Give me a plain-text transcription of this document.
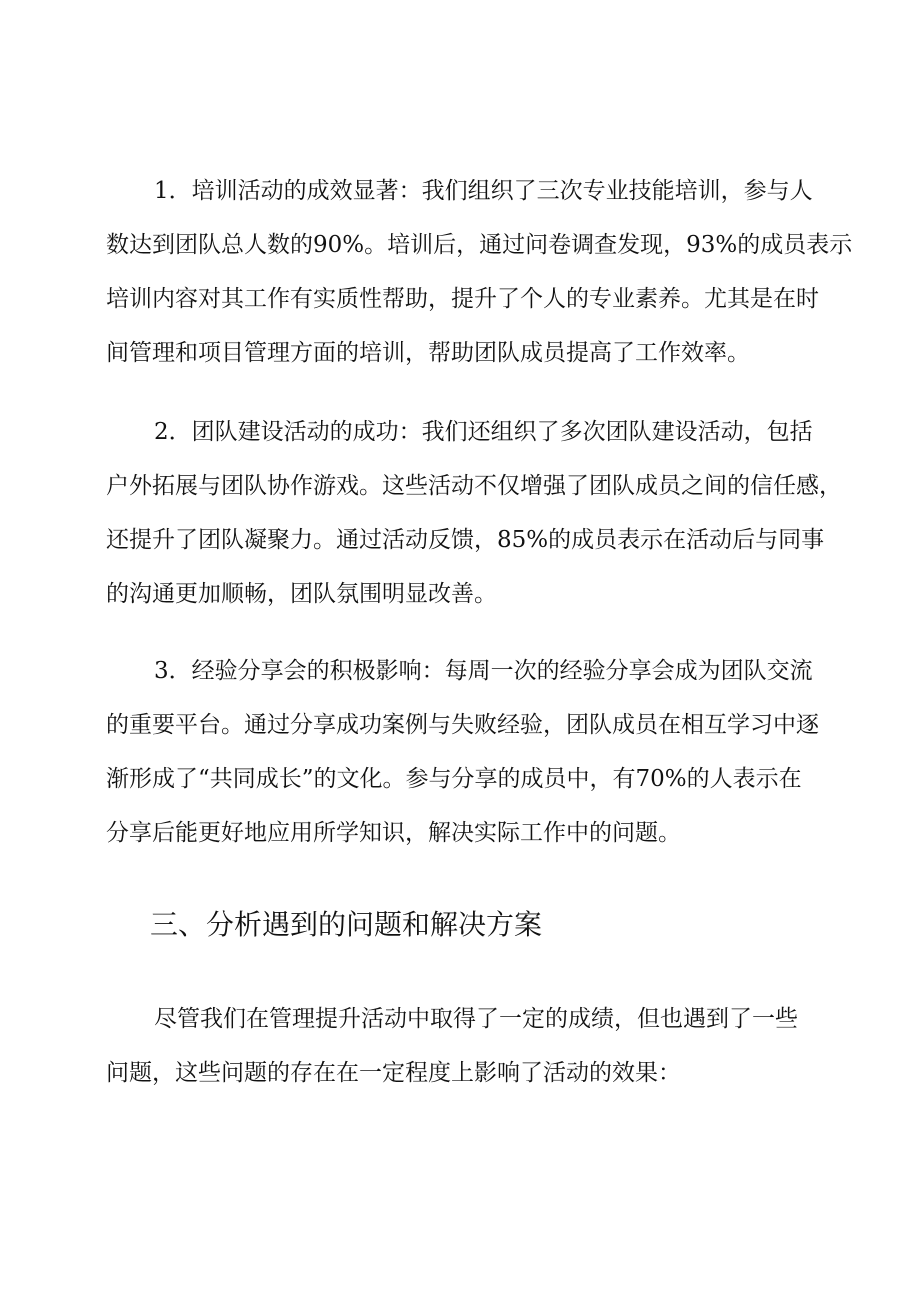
1．培训活动的成效显著：我们组织了三次专业技能培训，参与人
数达到团队总人数的90%。培训后，通过问卷调查发现，93%的成员表示
培训内容对其工作有实质性帮助，提升了个人的专业素养。尤其是在时
间管理和项目管理方面的培训，帮助团队成员提高了工作效率。
2．团队建设活动的成功：我们还组织了多次团队建设活动，包括
户外拓展与团队协作游戏。这些活动不仅增强了团队成员之间的信任感，
还提升了团队凝聚力。通过活动反馈，85%的成员表示在活动后与同事
的沟通更加顺畅，团队氛围明显改善。
3．经验分享会的积极影响：每周一次的经验分享会成为团队交流
的重要平台。通过分享成功案例与失败经验，团队成员在相互学习中逐
渐形成了“共同成长”的文化。参与分享的成员中，有70%的人表示在
分享后能更好地应用所学知识，解决实际工作中的问题。
三、分析遇到的问题和解决方案
尽管我们在管理提升活动中取得了一定的成绩，但也遇到了一些
问题，这些问题的存在在一定程度上影响了活动的效果：
